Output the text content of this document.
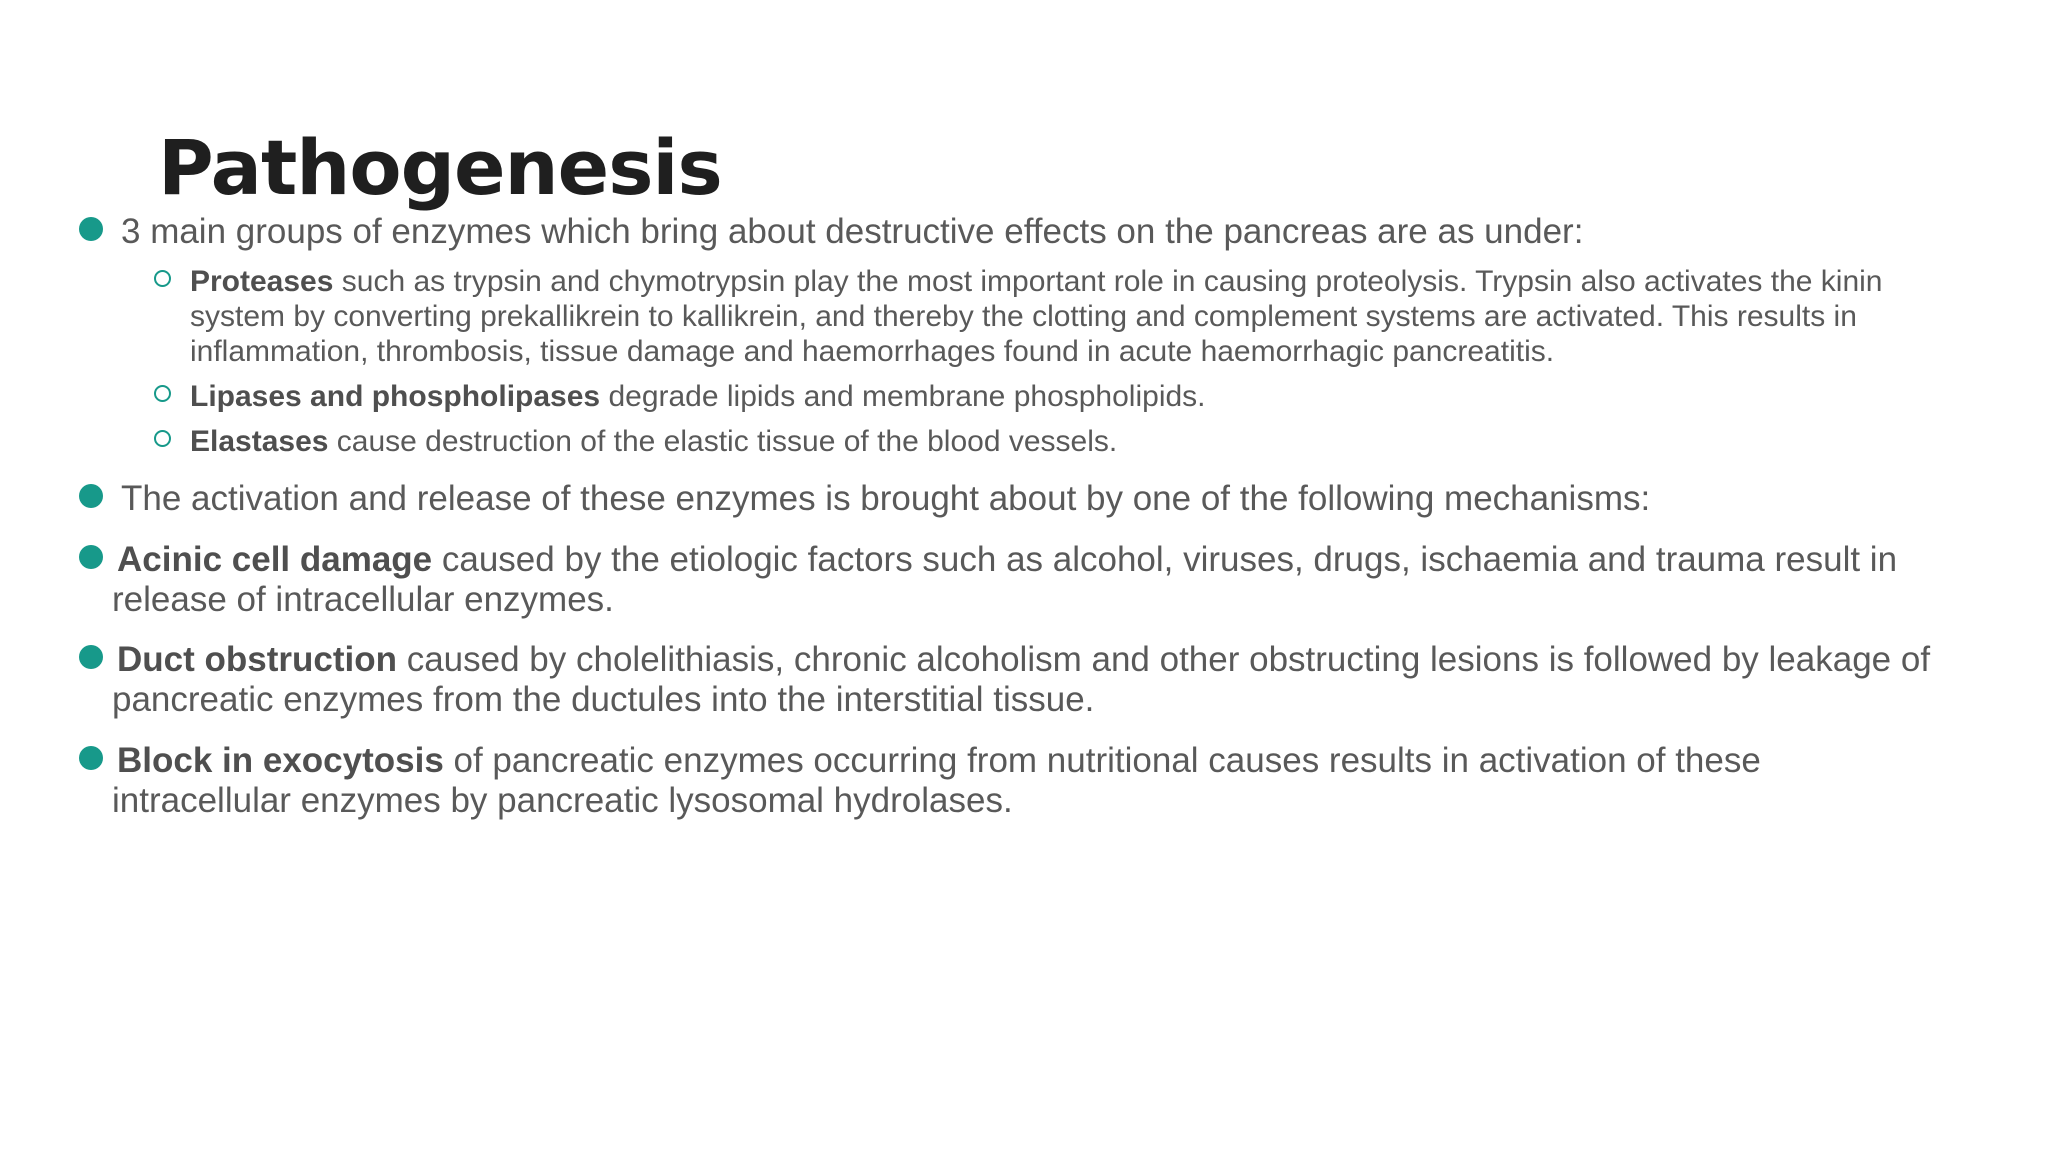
Pathogenesis
3 main groups of enzymes which bring about destructive effects on the pancreas are as under:
Proteases such as trypsin and chymotrypsin play the most important role in causing proteolysis. Trypsin also activates the kinin system by converting prekallikrein to kallikrein, and thereby the clotting and complement systems are activated. This results in inflammation, thrombosis, tissue damage and haemorrhages found in acute haemorrhagic pancreatitis.
Lipases and phospholipases degrade lipids and membrane phospholipids.
Elastases cause destruction of the elastic tissue of the blood vessels.
The activation and release of these enzymes is brought about by one of the following mechanisms:
Acinic cell damage caused by the etiologic factors such as alcohol, viruses, drugs, ischaemia and trauma result in release of intracellular enzymes.
Duct obstruction caused by cholelithiasis, chronic alcoholism and other obstructing lesions is followed by leakage of pancreatic enzymes from the ductules into the interstitial tissue.
Block in exocytosis of pancreatic enzymes occurring from nutritional causes results in activation of these intracellular enzymes by pancreatic lysosomal hydrolases.
